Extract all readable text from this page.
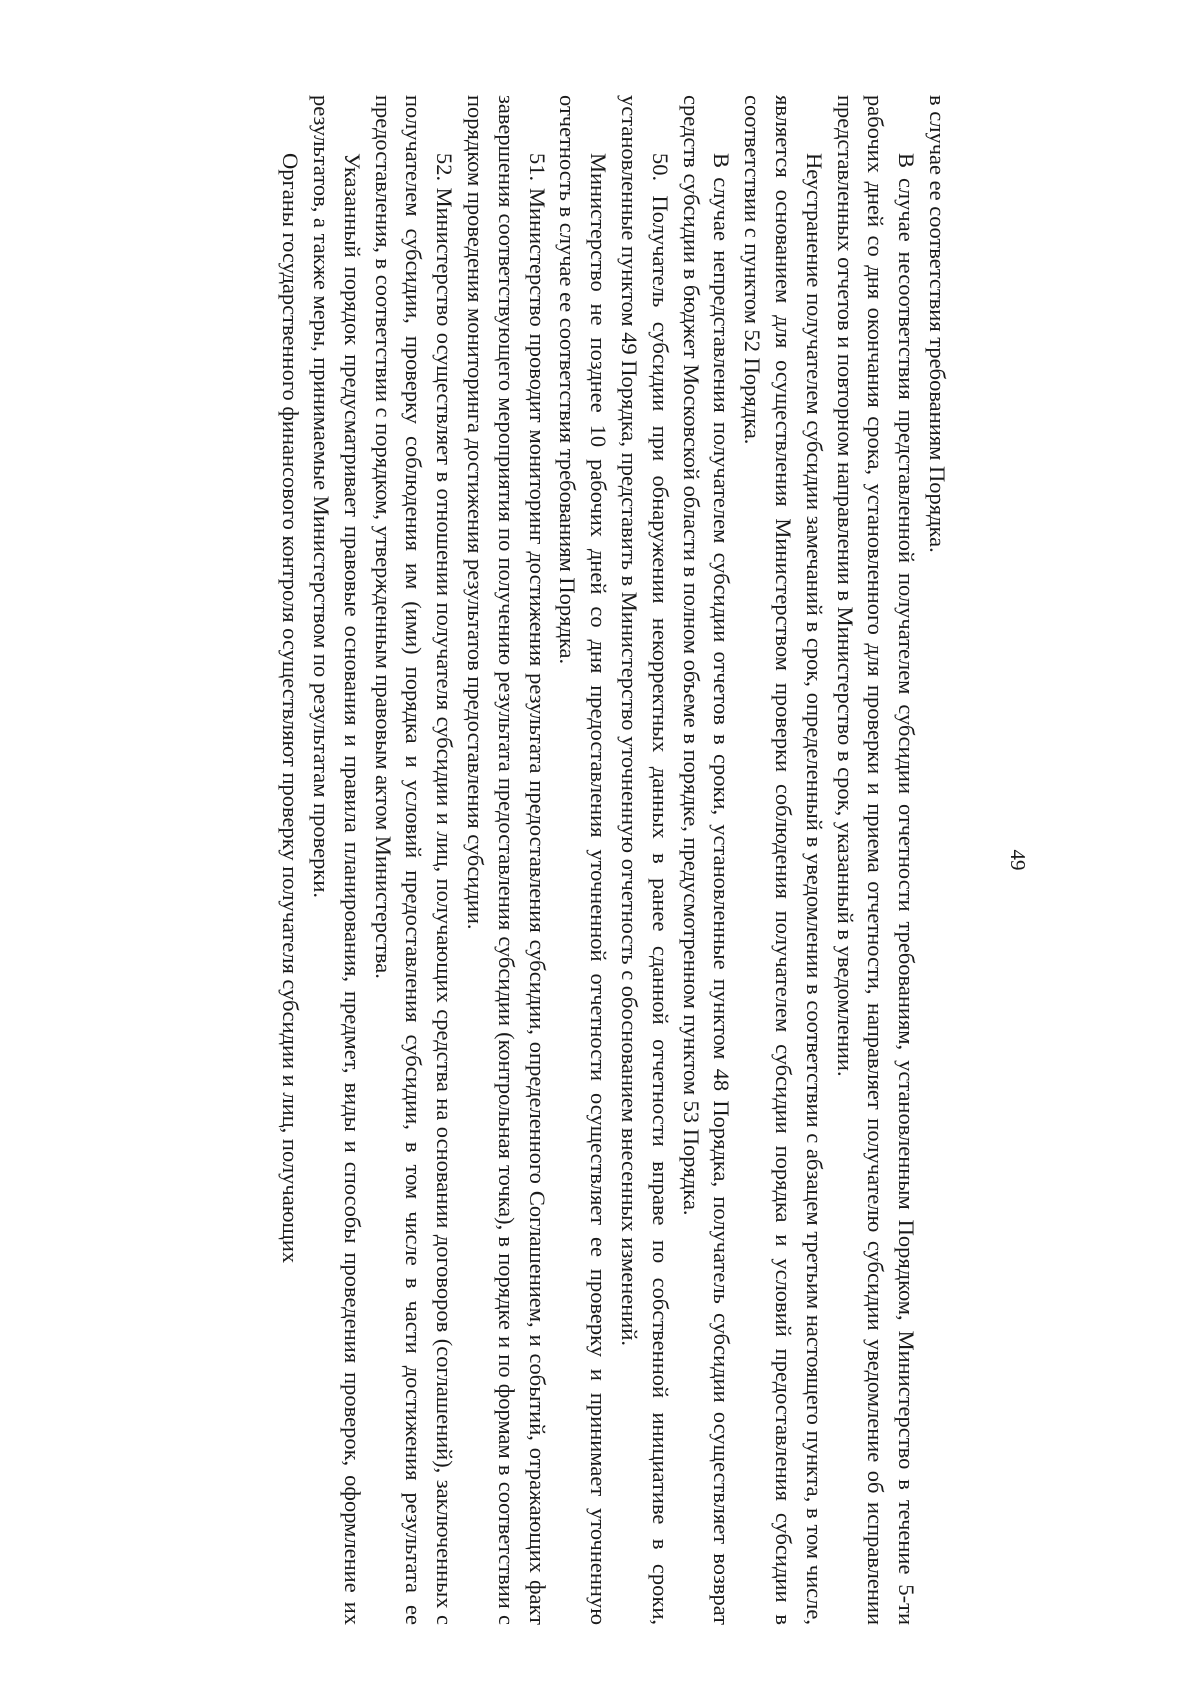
49

в случае ее соответствия требованиям Порядка.

В случае несоответствия представленной получателем субсидии отчетности требованиям, установленным Порядком, Министерство в течение 5-ти рабочих дней со дня окончания срока, установленного для проверки и приема отчетности, направляет получателю субсидии уведомление об исправлении представленных отчетов и повторном направлении в Министерство в срок, указанный в уведомлении.

Неустранение получателем субсидии замечаний в срок, определенный в уведомлении в соответствии с абзацем третьим настоящего пункта, в том числе, является основанием для осуществления Министерством проверки соблюдения получателем субсидии порядка и условий предоставления субсидии в соответствии с пунктом 52 Порядка.

В случае непредставления получателем субсидии отчетов в сроки, установленные пунктом 48 Порядка, получатель субсидии осуществляет возврат средств субсидии в бюджет Московской области в полном объеме в порядке, предусмотренном пунктом 53 Порядка.

50. Получатель субсидии при обнаружении некорректных данных в ранее сданной отчетности вправе по собственной инициативе в сроки, установленные пунктом 49 Порядка, представить в Министерство уточненную отчетность с обоснованием внесенных изменений.

Министерство не позднее 10 рабочих дней со дня предоставления уточненной отчетности осуществляет ее проверку и принимает уточненную отчетность в случае ее соответствия требованиям Порядка.

51. Министерство проводит мониторинг достижения результата предоставления субсидии, определенного Соглашением, и событий, отражающих факт завершения соответствующего мероприятия по получению результата предоставления субсидии (контрольная точка), в порядке и по формам в соответствии с порядком проведения мониторинга достижения результатов предоставления субсидии.

52. Министерство осуществляет в отношении получателя субсидии и лиц, получающих средства на основании договоров (соглашений), заключенных с получателем субсидии, проверку соблюдения им (ими) порядка и условий предоставления субсидии, в том числе в части достижения результата ее предоставления, в соответствии с порядком, утвержденным правовым актом Министерства.

Указанный порядок предусматривает правовые основания и правила планирования, предмет, виды и способы проведения проверок, оформление их результатов, а также меры, принимаемые Министерством по результатам проверки.

Органы государственного финансового контроля осуществляют проверку получателя субсидии и лиц, получающих
